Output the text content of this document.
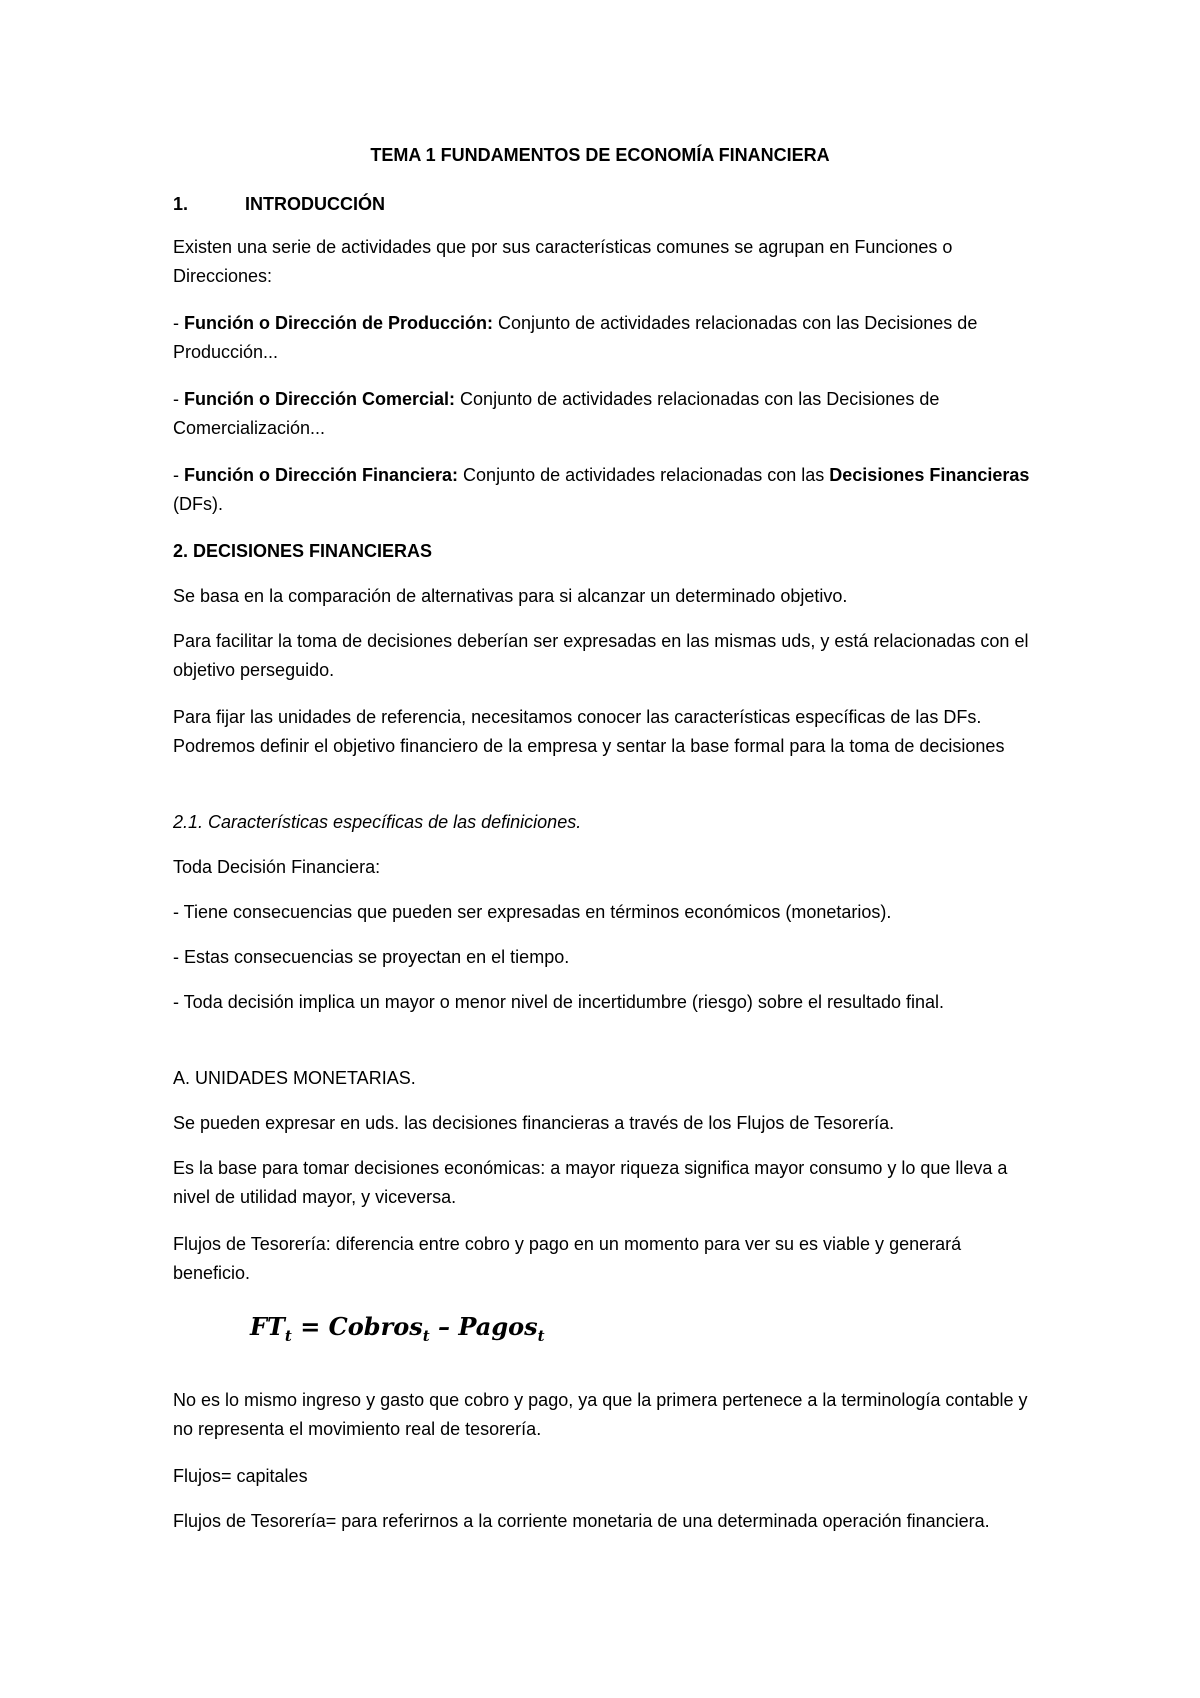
TEMA 1 FUNDAMENTOS DE ECONOMÍA FINANCIERA
1.	INTRODUCCIÓN

Existen una serie de actividades que por sus características comunes se agrupan en Funciones o Direcciones:

- Función o Dirección de Producción: Conjunto de actividades relacionadas con las Decisiones de Producción...

- Función o Dirección Comercial: Conjunto de actividades relacionadas con las Decisiones de Comercialización...

- Función o Dirección Financiera: Conjunto de actividades relacionadas con las Decisiones Financieras (DFs).

2. DECISIONES FINANCIERAS

Se basa en la comparación de alternativas para si alcanzar un determinado objetivo.

Para facilitar la toma de decisiones deberían ser expresadas en las mismas uds, y está relacionadas con el objetivo perseguido.

Para fijar las unidades de referencia, necesitamos conocer las características específicas de las DFs. Podremos definir el objetivo financiero de la empresa y sentar la base formal para la toma de decisiones

2.1. Características específicas de las definiciones.

Toda Decisión Financiera:

- Tiene consecuencias que pueden ser expresadas en términos económicos (monetarios).

- Estas consecuencias se proyectan en el tiempo.

- Toda decisión implica un mayor o menor nivel de incertidumbre (riesgo) sobre el resultado final.

A. UNIDADES MONETARIAS.

Se pueden expresar en uds. las decisiones financieras a través de los Flujos de Tesorería.

Es la base para tomar decisiones económicas: a mayor riqueza significa mayor consumo y lo que lleva a nivel de utilidad mayor, y viceversa.

Flujos de Tesorería: diferencia entre cobro y pago en un momento para ver su es viable y generará beneficio.

$FT_t$ = Cobros$_t$ – Pagos$_t$

No es lo mismo ingreso y gasto que cobro y pago, ya que la primera pertenece a la terminología contable y no representa el movimiento real de tesorería.

Flujos= capitales

Flujos de Tesorería= para referirnos a la corriente monetaria de una determinada operación financiera.
